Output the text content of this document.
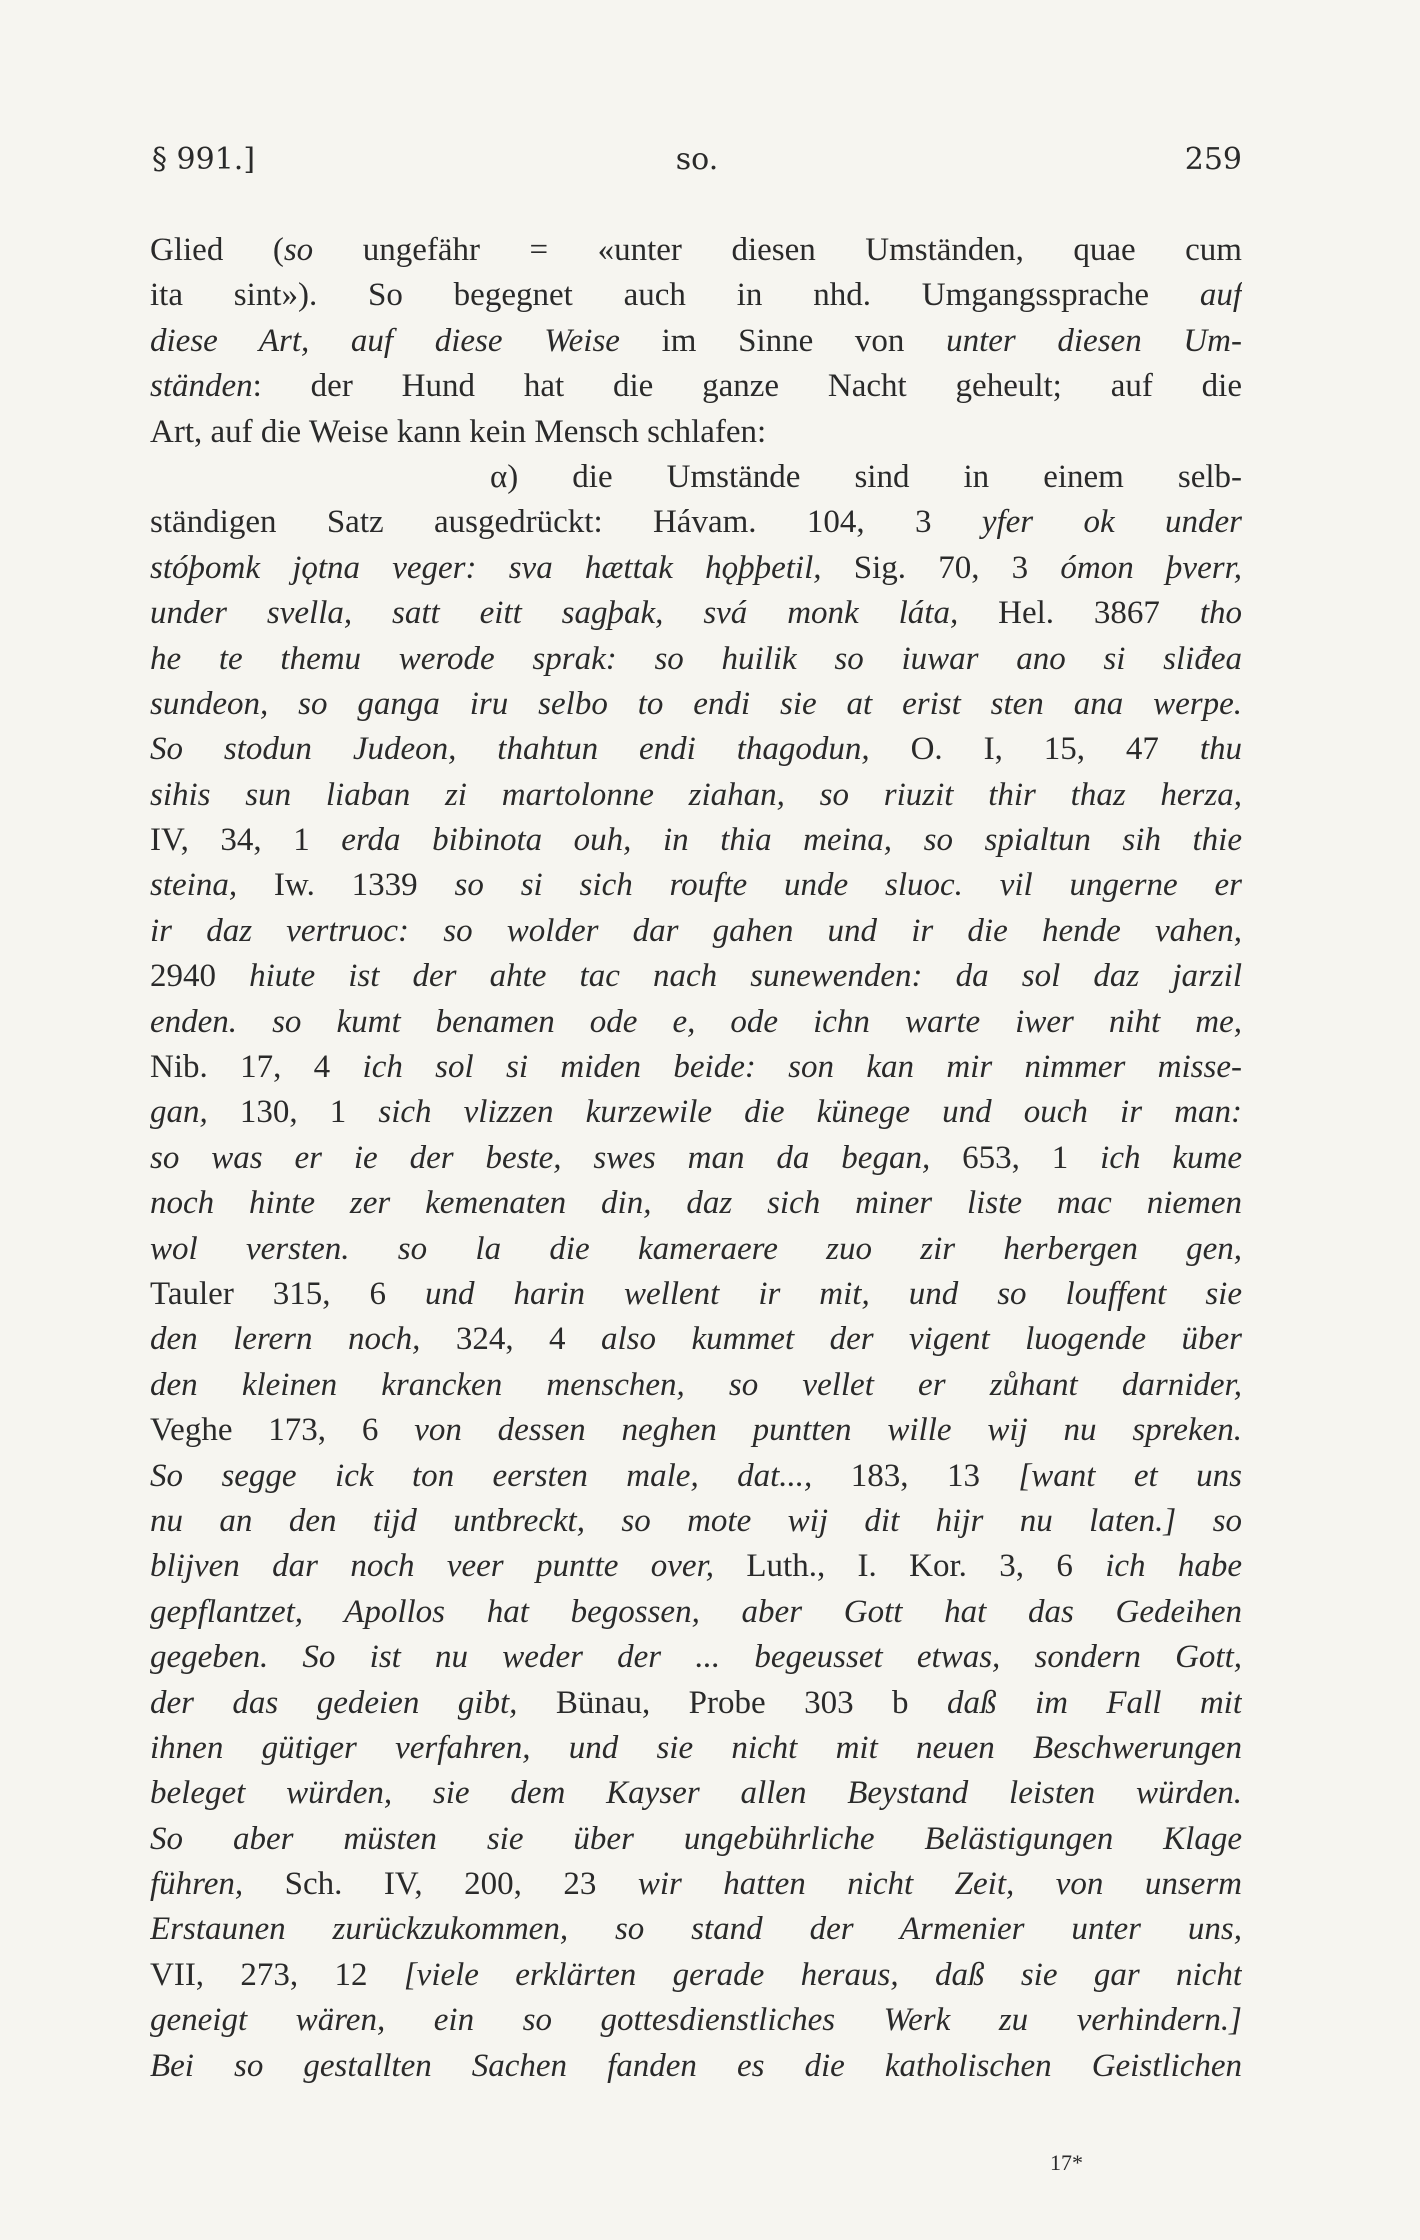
§ 991.]	so.	259
Glied (so ungefähr = «unter diesen Umständen, quae cum
ita sint»). So begegnet auch in nhd. Umgangssprache auf
diese Art, auf diese Weise im Sinne von unter diesen Um-
ständen: der Hund hat die ganze Nacht geheult; auf die
Art, auf die Weise kann kein Mensch schlafen:
α) die Umstände sind in einem selb-
ständigen Satz ausgedrückt: Hávam. 104, 3 yfer ok under
stóþomk jǫtna veger: sva hættak hǫþþetil, Sig. 70, 3 ómon þverr,
under svella, satt eitt sagþak, svá monk láta, Hel. 3867 tho
he te themu werode sprak: so huilik so iuwar ano si sliđea
sundeon, so ganga iru selbo to endi sie at erist sten ana werpe.
So stodun Judeon, thahtun endi thagodun, O. I, 15, 47 thu
sihis sun liaban zi martolonne ziahan, so riuzit thir thaz herza,
IV, 34, 1 erda bibinota ouh, in thia meina, so spialtun sih thie
steina, Iw. 1339 so si sich roufte unde sluoc. vil ungerne er
ir daz vertruoc: so wolder dar gahen und ir die hende vahen,
2940 hiute ist der ahte tac nach sunewenden: da sol daz jarzil
enden. so kumt benamen ode e, ode ichn warte iwer niht me,
Nib. 17, 4 ich sol si miden beide: son kan mir nimmer misse-
gan, 130, 1 sich vlizzen kurzewile die künege und ouch ir man:
so was er ie der beste, swes man da began, 653, 1 ich kume
noch hinte zer kemenaten din, daz sich miner liste mac niemen
wol versten. so la die kameraere zuo zir herbergen gen,
Tauler 315, 6 und harin wellent ir mit, und so louffent sie
den lerern noch, 324, 4 also kummet der vigent luogende über
den kleinen krancken menschen, so vellet er zůhant darnider,
Veghe 173, 6 von dessen neghen puntten wille wij nu spreken.
So segge ick ton eersten male, dat..., 183, 13 [want et uns
nu an den tijd untbreckt, so mote wij dit hijr nu laten.] so
blijven dar noch veer puntte over, Luth., I. Kor. 3, 6 ich habe
gepflantzet, Apollos hat begossen, aber Gott hat das Gedeihen
gegeben. So ist nu weder der ... begeusset etwas, sondern Gott,
der das gedeien gibt, Bünau, Probe 303 b daß im Fall mit
ihnen gütiger verfahren, und sie nicht mit neuen Beschwerungen
beleget würden, sie dem Kayser allen Beystand leisten würden.
So aber müsten sie über ungebührliche Belästigungen Klage
führen, Sch. IV, 200, 23 wir hatten nicht Zeit, von unserm
Erstaunen zurückzukommen, so stand der Armenier unter uns,
VII, 273, 12 [viele erklärten gerade heraus, daß sie gar nicht
geneigt wären, ein so gottesdienstliches Werk zu verhindern.]
Bei so gestallten Sachen fanden es die katholischen Geistlichen
17*
